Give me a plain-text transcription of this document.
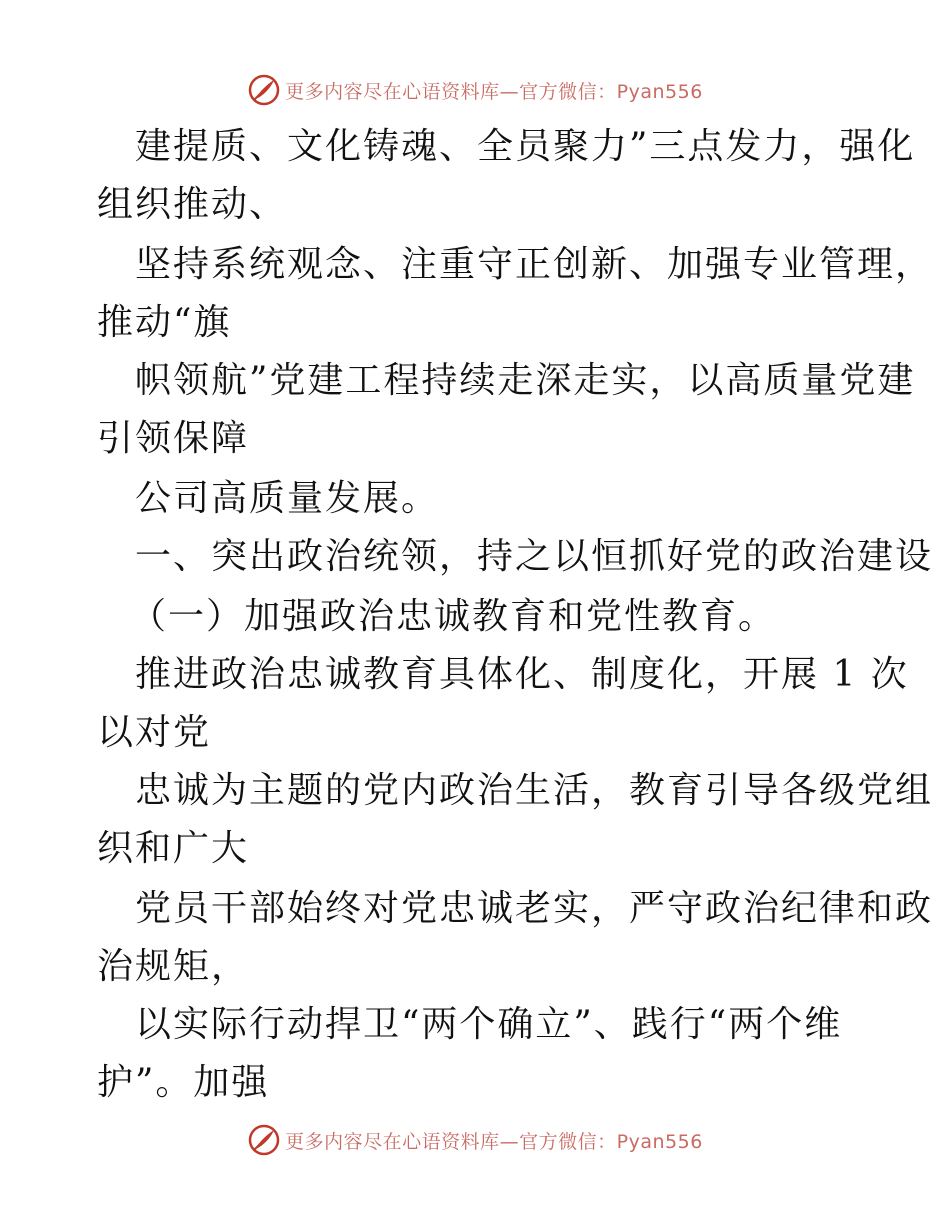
更多内容尽在心语资料库—官方微信：Pyan556
建提质、文化铸魂、全员聚力”三点发力，强化
组织推动、
坚持系统观念、注重守正创新、加强专业管理，
推动“旗
帜领航”党建工程持续走深走实，以高质量党建
引领保障
公司高质量发展。
一、突出政治统领，持之以恒抓好党的政治建设
（一）加强政治忠诚教育和党性教育。
推进政治忠诚教育具体化、制度化，开展 1 次
以对党
忠诚为主题的党内政治生活，教育引导各级党组
织和广大
党员干部始终对党忠诚老实，严守政治纪律和政
治规矩，
以实际行动捍卫“两个确立”、践行“两个维
护”。加强
更多内容尽在心语资料库—官方微信：Pyan556
